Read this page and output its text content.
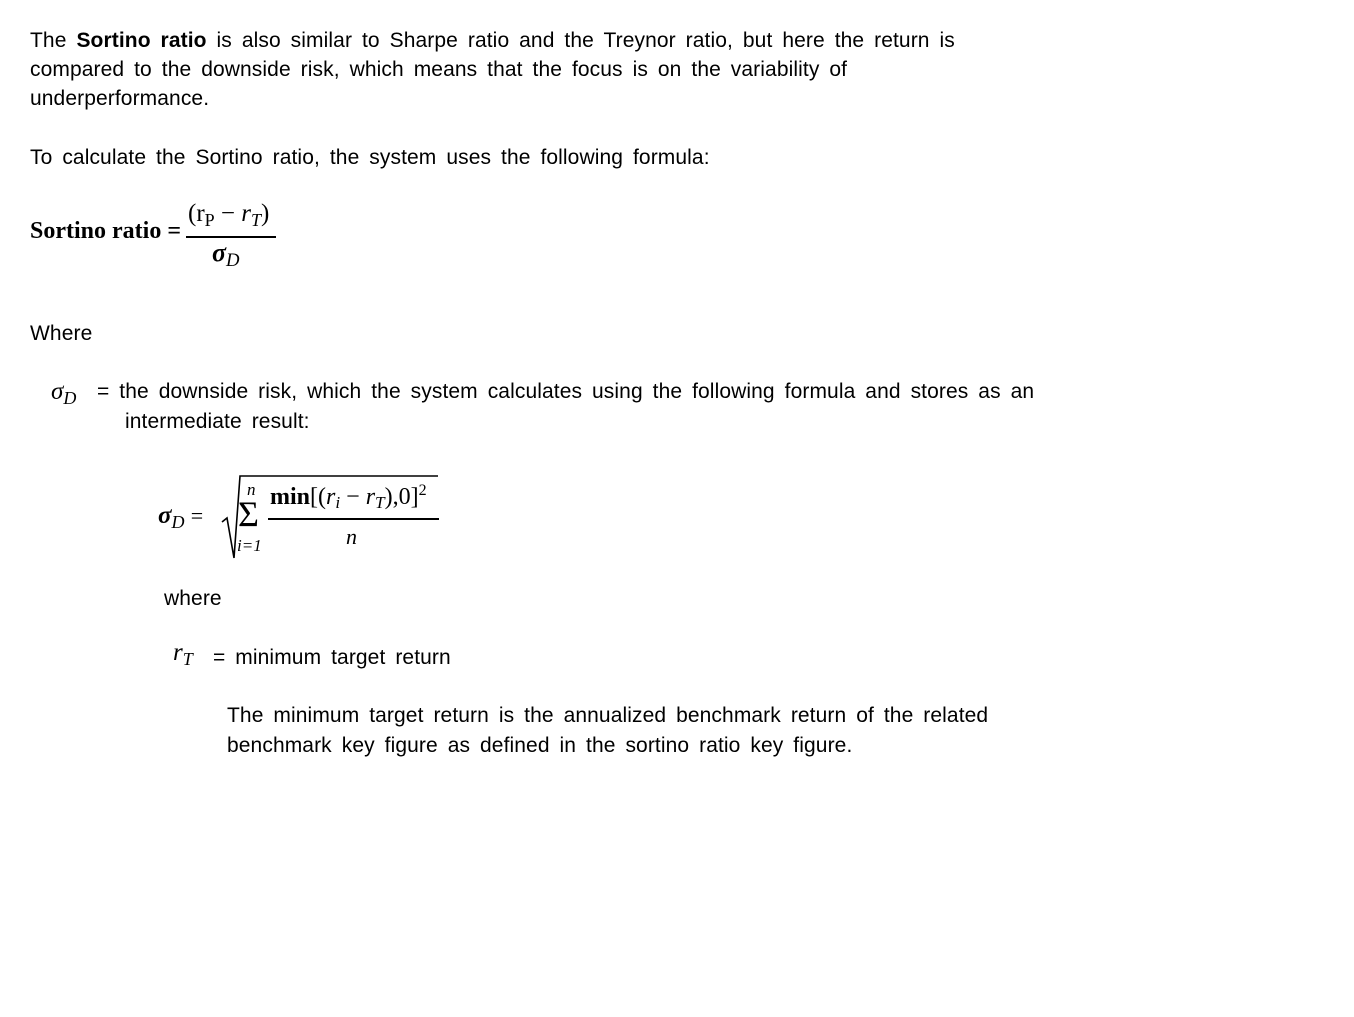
The Sortino ratio is also similar to Sharpe ratio and the Treynor ratio, but here the return is
compared to the downside risk, which means that the focus is on the variability of
underperformance.
To calculate the Sortino ratio, the system uses the following formula:
Sortino ratio =
(rP − rT)
σD
Where
σD = the downside risk, which the system calculates using the following formula and stores as an
intermediate result:
σD =
n
Σ
i=1
$\min[(ri - rT),0]^2$
n
where
rT = minimum target return
The minimum target return is the annualized benchmark return of the related
benchmark key figure as defined in the sortino ratio key figure.
